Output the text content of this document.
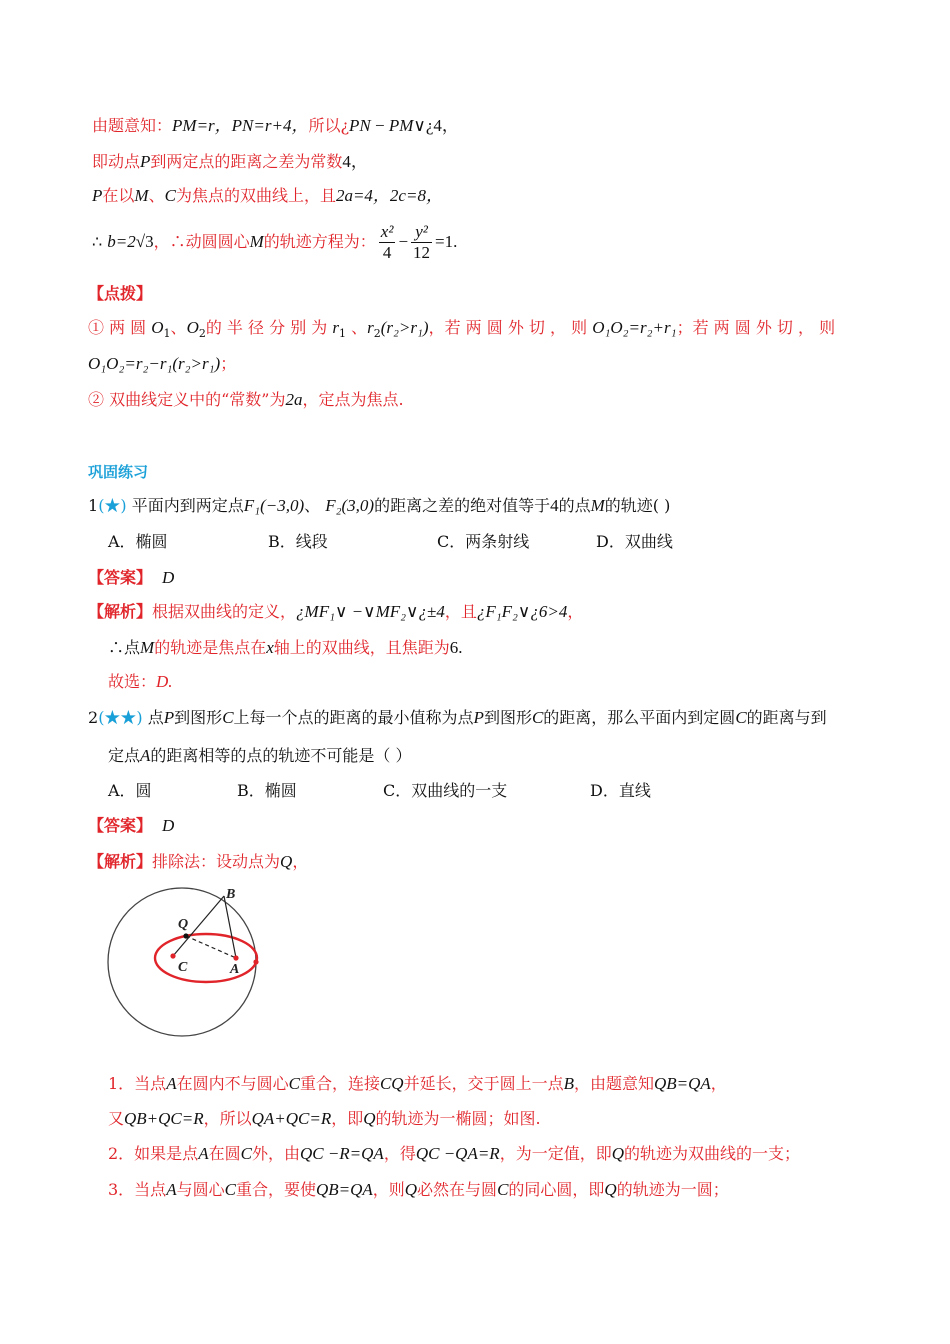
由题意知：PM=r，PN=r+4，所以¿PN − PM∨¿4，
即动点P到两定点的距离之差为常数4，
P在以M、C为焦点的双曲线上，且2a=4，2c=8，
∴ b=2√3，∴动圆圆心M的轨迹方程为： $\frac{\text{x²}}{4} - \frac{\text{y²}}{12} =1$.
【点拨】
① 两 圆 $O_1$、$O_2$的 半 径 分 别 为 $r_1$ 、$r_2(r_2>r_1)$，若 两 圆 外 切 ， 则 O₁O₂=r₂+r₁；若 两 圆 外 切 ， 则
O₁O₂=r₂−r₁(r₂>r₁)；
② 双曲线定义中的“常数”为2a，定点为焦点.
巩固练习
1(★) 平面内到两定点F₁(−3,0)、 F₂(3,0)的距离之差的绝对值等于4的点M的轨迹( )
A．椭圆	B．线段	C．两条射线	D．双曲线
【答案】 D
【解析】根据双曲线的定义，¿MF₁∨ −∨MF₂∨¿±4，且¿F₁F₂∨¿6>4，
∴点M的轨迹是焦点在x轴上的双曲线，且焦距为6.
故选：D.
2(★★) 点P到图形C上每一个点的距离的最小值称为点P到图形C的距离，那么平面内到定圆C的距离与到
定点A的距离相等的点的轨迹不可能是（ ）
A．圆	B．椭圆	C．双曲线的一支	D．直线
【答案】 D
【解析】排除法：设动点为Q，
B
Q
C	A
1．当点A在圆内不与圆心C重合，连接CQ并延长，交于圆上一点B，由题意知QB=QA，
又QB+QC=R，所以QA+QC=R，即Q的轨迹为一椭圆；如图.
2．如果是点A在圆C外，由QC −R=QA，得QC −QA=R，为一定值，即Q的轨迹为双曲线的一支；
3．当点A与圆心C重合，要使QB=QA，则Q必然在与圆C的同心圆，即Q的轨迹为一圆；
